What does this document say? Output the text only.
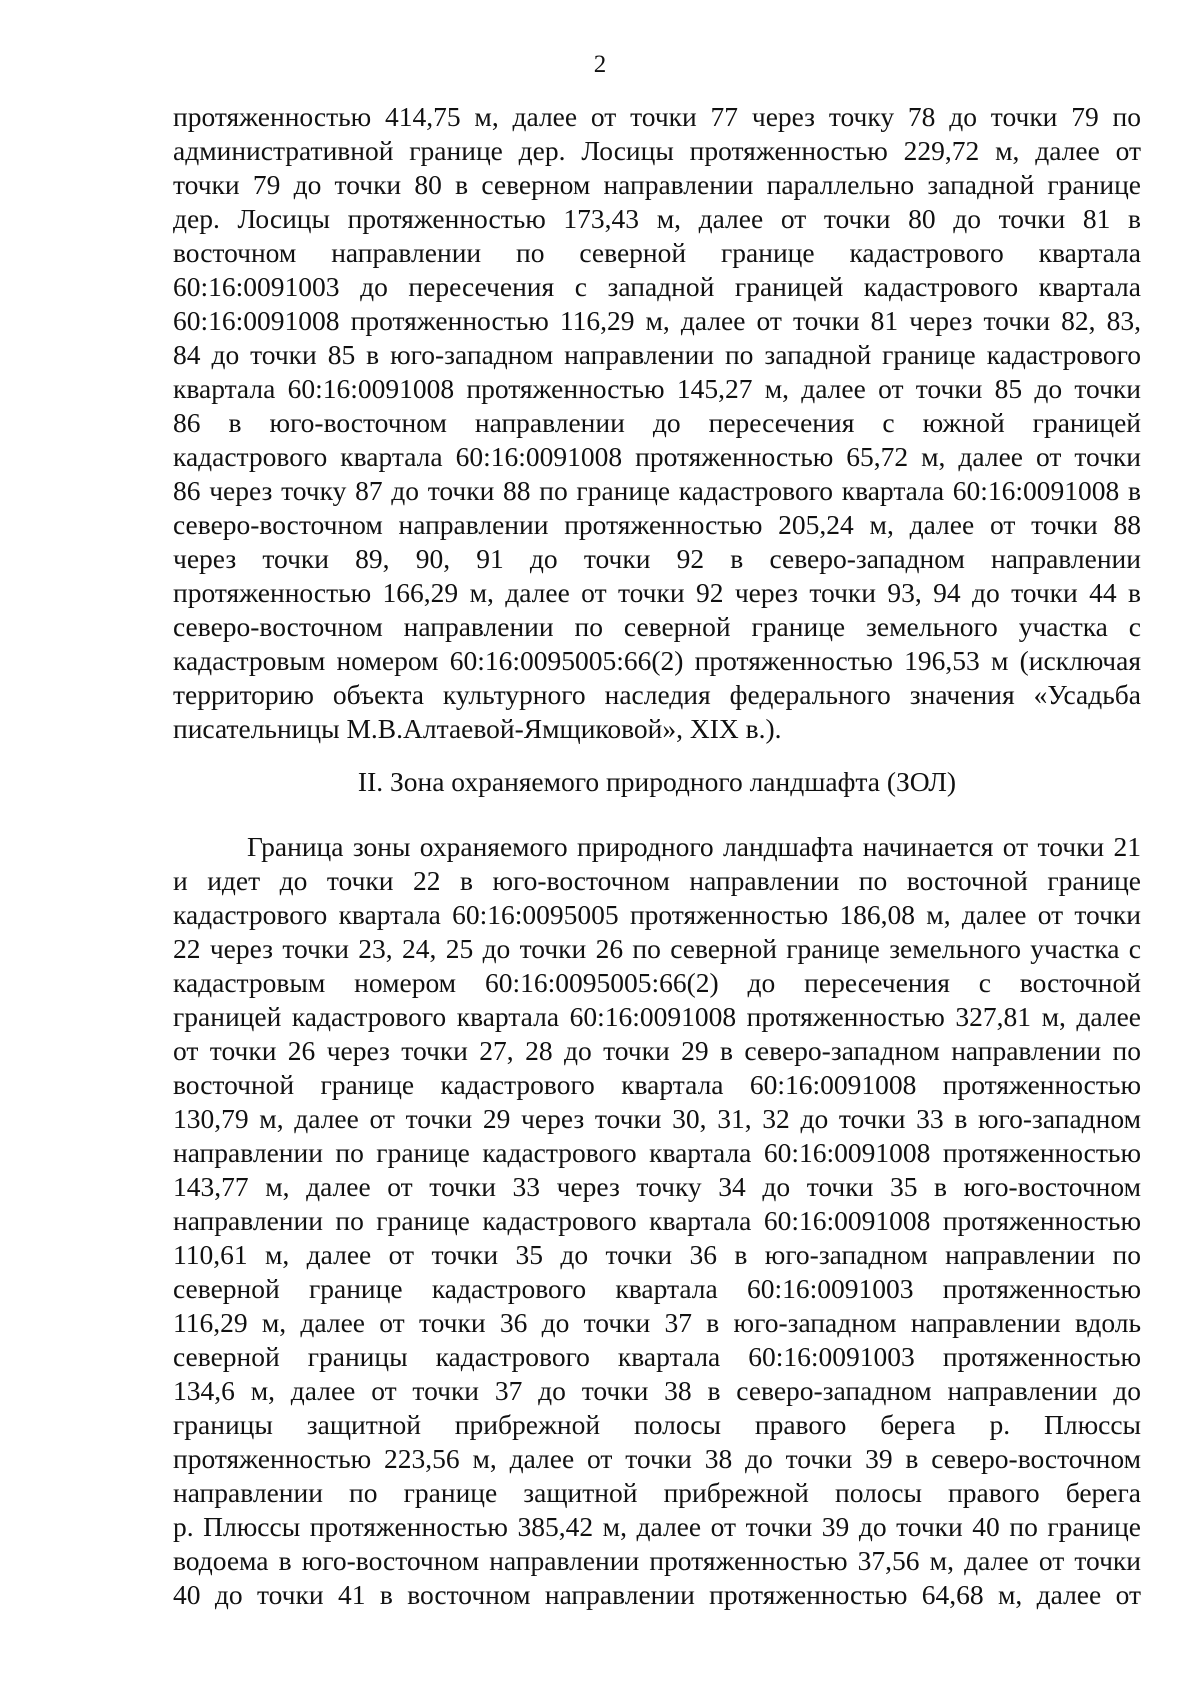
2
протяженностью 414,75 м, далее от точки 77 через точку 78 до точки 79 по
административной границе дер. Лосицы протяженностью 229,72 м, далее от
точки 79 до точки 80 в северном направлении параллельно западной границе
дер. Лосицы протяженностью 173,43 м, далее от точки 80 до точки 81 в
восточном направлении по северной границе кадастрового квартала
60:16:0091003 до пересечения с западной границей кадастрового квартала
60:16:0091008 протяженностью 116,29 м, далее от точки 81 через точки 82, 83,
84 до точки 85 в юго-западном направлении по западной границе кадастрового
квартала 60:16:0091008 протяженностью 145,27 м, далее от точки 85 до точки
86 в юго-восточном направлении до пересечения с южной границей
кадастрового квартала 60:16:0091008 протяженностью 65,72 м, далее от точки
86 через точку 87 до точки 88 по границе кадастрового квартала 60:16:0091008 в
северо-восточном направлении протяженностью 205,24 м, далее от точки 88
через точки 89, 90, 91 до точки 92 в северо-западном направлении
протяженностью 166,29 м, далее от точки 92 через точки 93, 94 до точки 44 в
северо-восточном направлении по северной границе земельного участка с
кадастровым номером 60:16:0095005:66(2) протяженностью 196,53 м (исключая
территорию объекта культурного наследия федерального значения «Усадьба
писательницы М.В.Алтаевой-Ямщиковой», XIX в.).
II. Зона охраняемого природного ландшафта (ЗОЛ)
Граница зоны охраняемого природного ландшафта начинается от точки 21
и идет до точки 22 в юго-восточном направлении по восточной границе
кадастрового квартала 60:16:0095005 протяженностью 186,08 м, далее от точки
22 через точки 23, 24, 25 до точки 26 по северной границе земельного участка с
кадастровым номером 60:16:0095005:66(2) до пересечения с восточной
границей кадастрового квартала 60:16:0091008 протяженностью 327,81 м, далее
от точки 26 через точки 27, 28 до точки 29 в северо-западном направлении по
восточной границе кадастрового квартала 60:16:0091008 протяженностью
130,79 м, далее от точки 29 через точки 30, 31, 32 до точки 33 в юго-западном
направлении по границе кадастрового квартала 60:16:0091008 протяженностью
143,77 м, далее от точки 33 через точку 34 до точки 35 в юго-восточном
направлении по границе кадастрового квартала 60:16:0091008 протяженностью
110,61 м, далее от точки 35 до точки 36 в юго-западном направлении по
северной границе кадастрового квартала 60:16:0091003 протяженностью
116,29 м, далее от точки 36 до точки 37 в юго-западном направлении вдоль
северной границы кадастрового квартала 60:16:0091003 протяженностью
134,6 м, далее от точки 37 до точки 38 в северо-западном направлении до
границы защитной прибрежной полосы правого берега р. Плюссы
протяженностью 223,56 м, далее от точки 38 до точки 39 в северо-восточном
направлении по границе защитной прибрежной полосы правого берега
р. Плюссы протяженностью 385,42 м, далее от точки 39 до точки 40 по границе
водоема в юго-восточном направлении протяженностью 37,56 м, далее от точки
40 до точки 41 в восточном направлении протяженностью 64,68 м, далее от
